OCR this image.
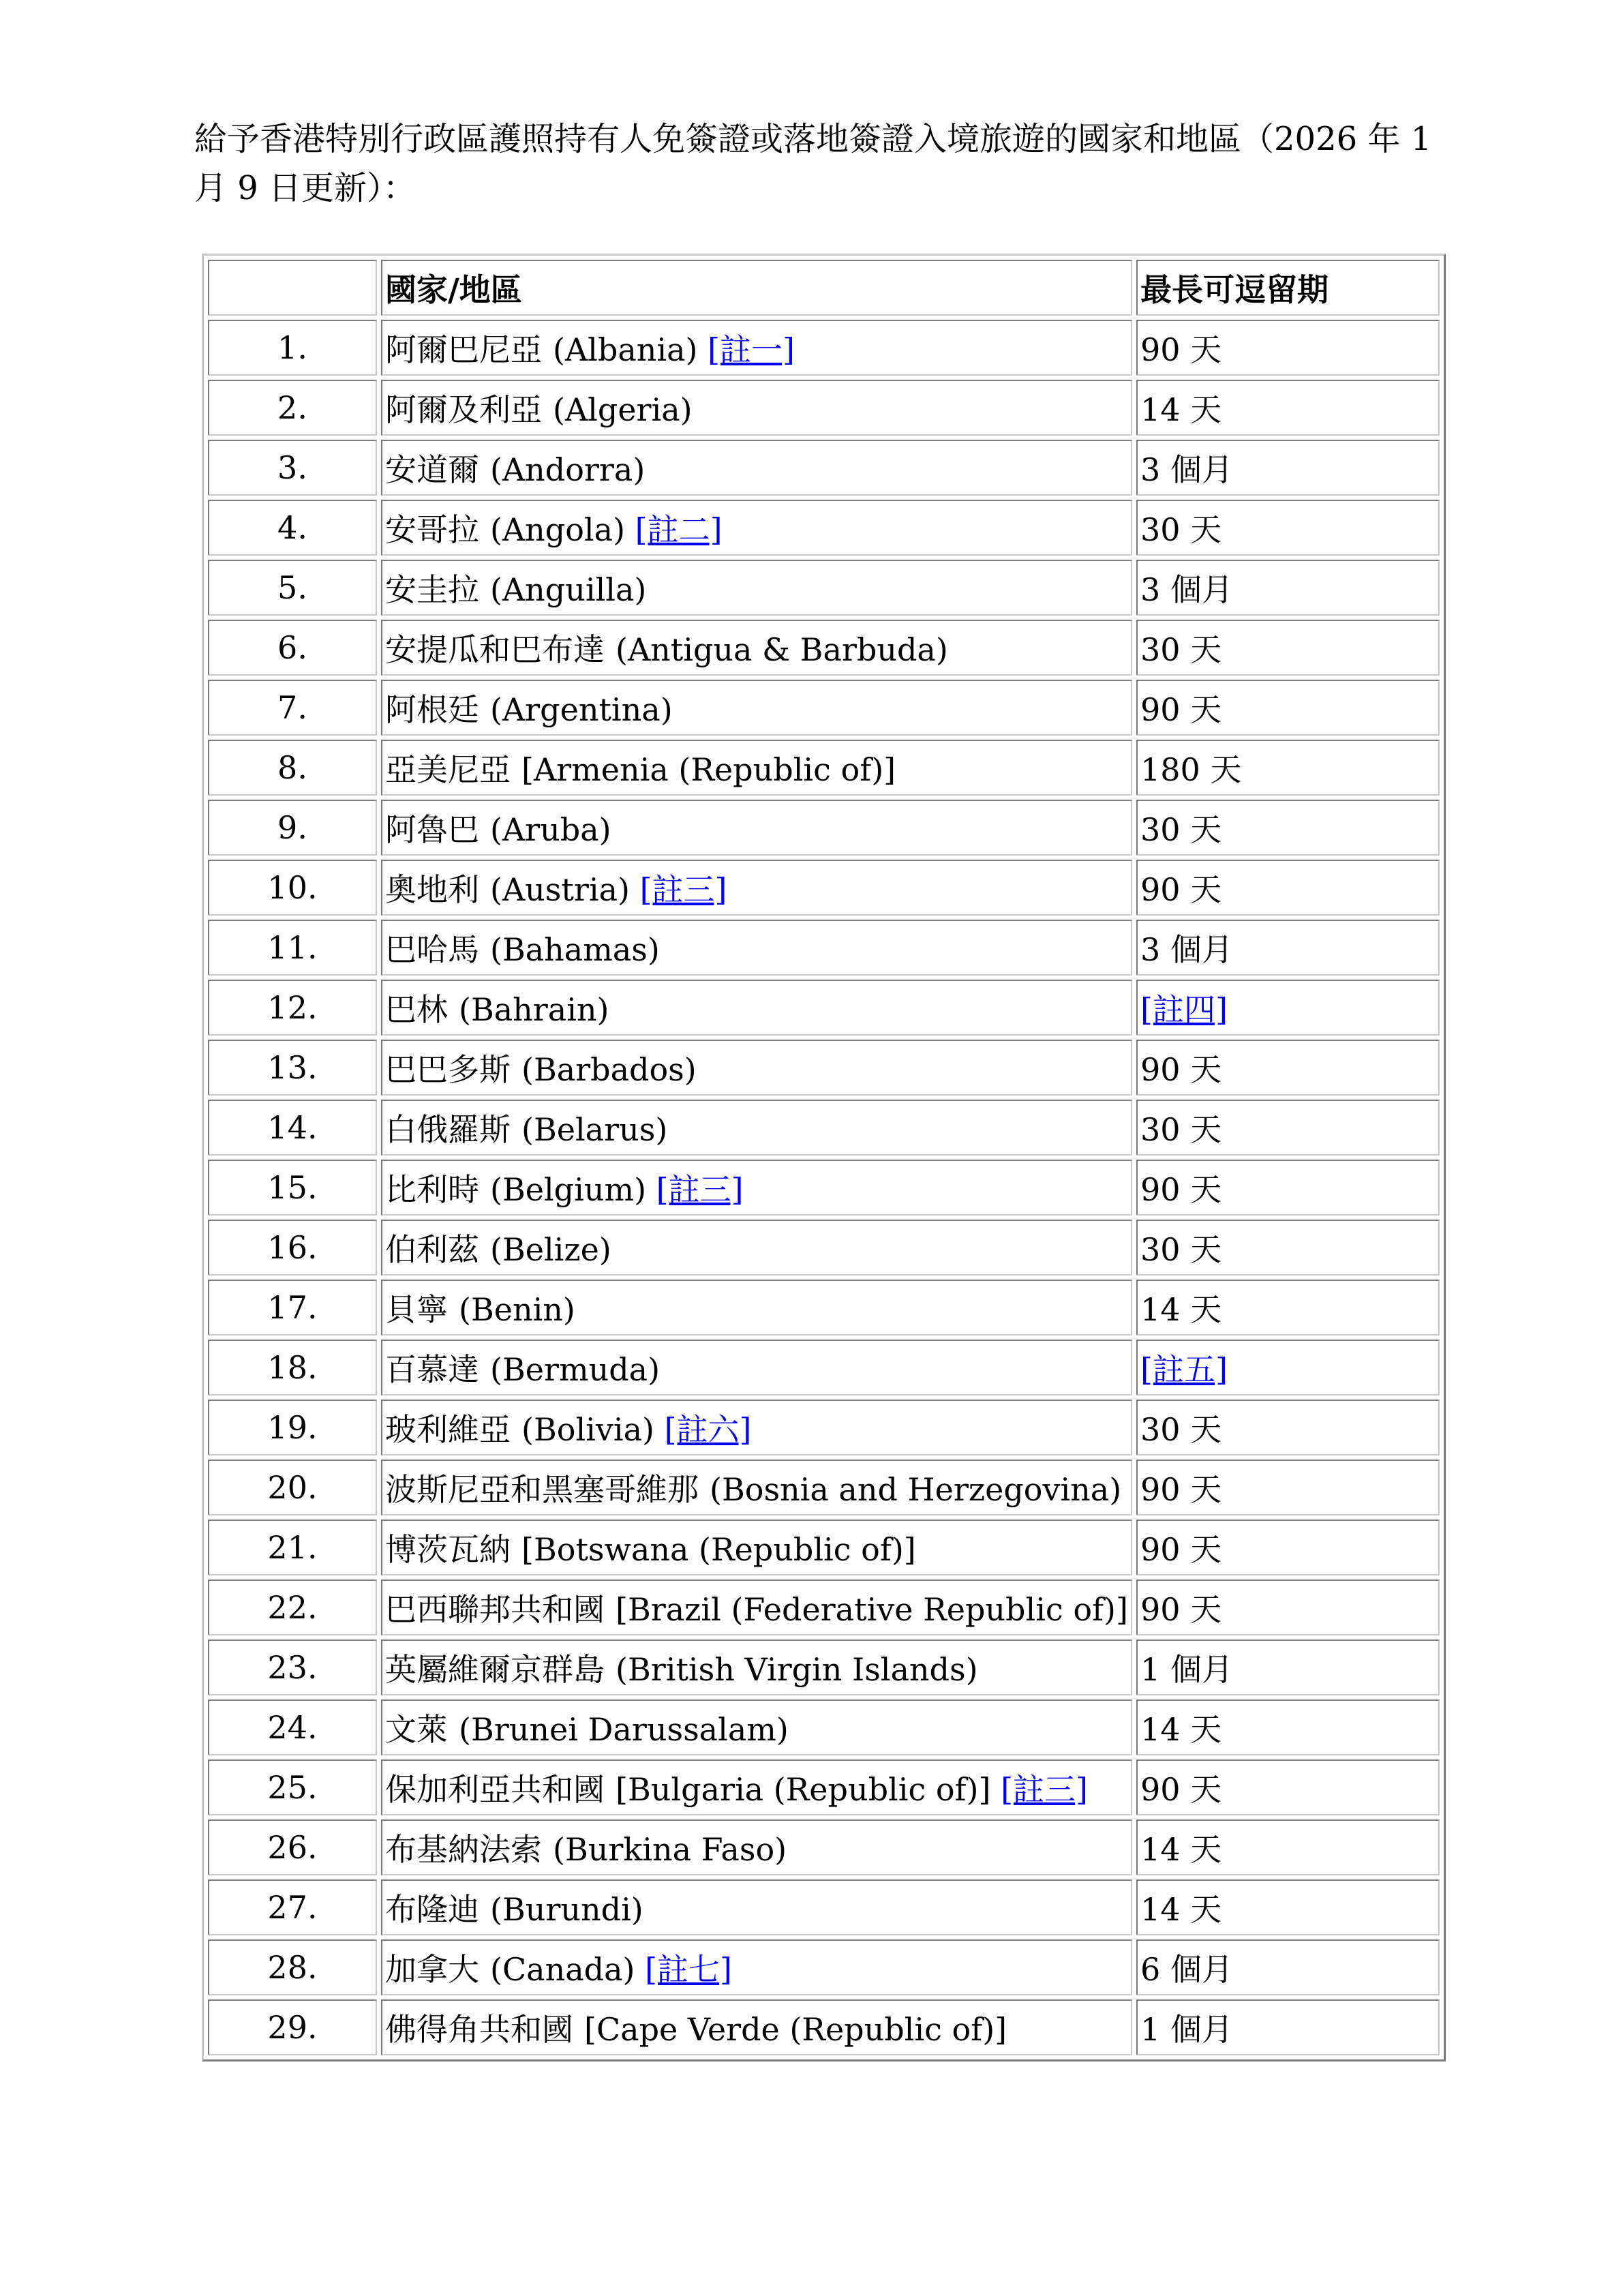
給予香港特別行政區護照持有人免簽證或落地簽證入境旅遊的國家和地區（2026 年 1 月 9 日更新）：

	國家/地區	最長可逗留期
1.	阿爾巴尼亞 (Albania) [註一]	90 天
2.	阿爾及利亞 (Algeria)	14 天
3.	安道爾 (Andorra)	3 個月
4.	安哥拉 (Angola) [註二]	30 天
5.	安圭拉 (Anguilla)	3 個月
6.	安提瓜和巴布達 (Antigua & Barbuda)	30 天
7.	阿根廷 (Argentina)	90 天
8.	亞美尼亞 [Armenia (Republic of)]	180 天
9.	阿魯巴 (Aruba)	30 天
10.	奧地利 (Austria) [註三]	90 天
11.	巴哈馬 (Bahamas)	3 個月
12.	巴林 (Bahrain)	[註四]
13.	巴巴多斯 (Barbados)	90 天
14.	白俄羅斯 (Belarus)	30 天
15.	比利時 (Belgium) [註三]	90 天
16.	伯利茲 (Belize)	30 天
17.	貝寧 (Benin)	14 天
18.	百慕達 (Bermuda)	[註五]
19.	玻利維亞 (Bolivia) [註六]	30 天
20.	波斯尼亞和黑塞哥維那 (Bosnia and Herzegovina)	90 天
21.	博茨瓦納 [Botswana (Republic of)]	90 天
22.	巴西聯邦共和國 [Brazil (Federative Republic of)]	90 天
23.	英屬維爾京群島 (British Virgin Islands)	1 個月
24.	文萊 (Brunei Darussalam)	14 天
25.	保加利亞共和國 [Bulgaria (Republic of)] [註三]	90 天
26.	布基納法索 (Burkina Faso)	14 天
27.	布隆迪 (Burundi)	14 天
28.	加拿大 (Canada) [註七]	6 個月
29.	佛得角共和國 [Cape Verde (Republic of)]	1 個月
